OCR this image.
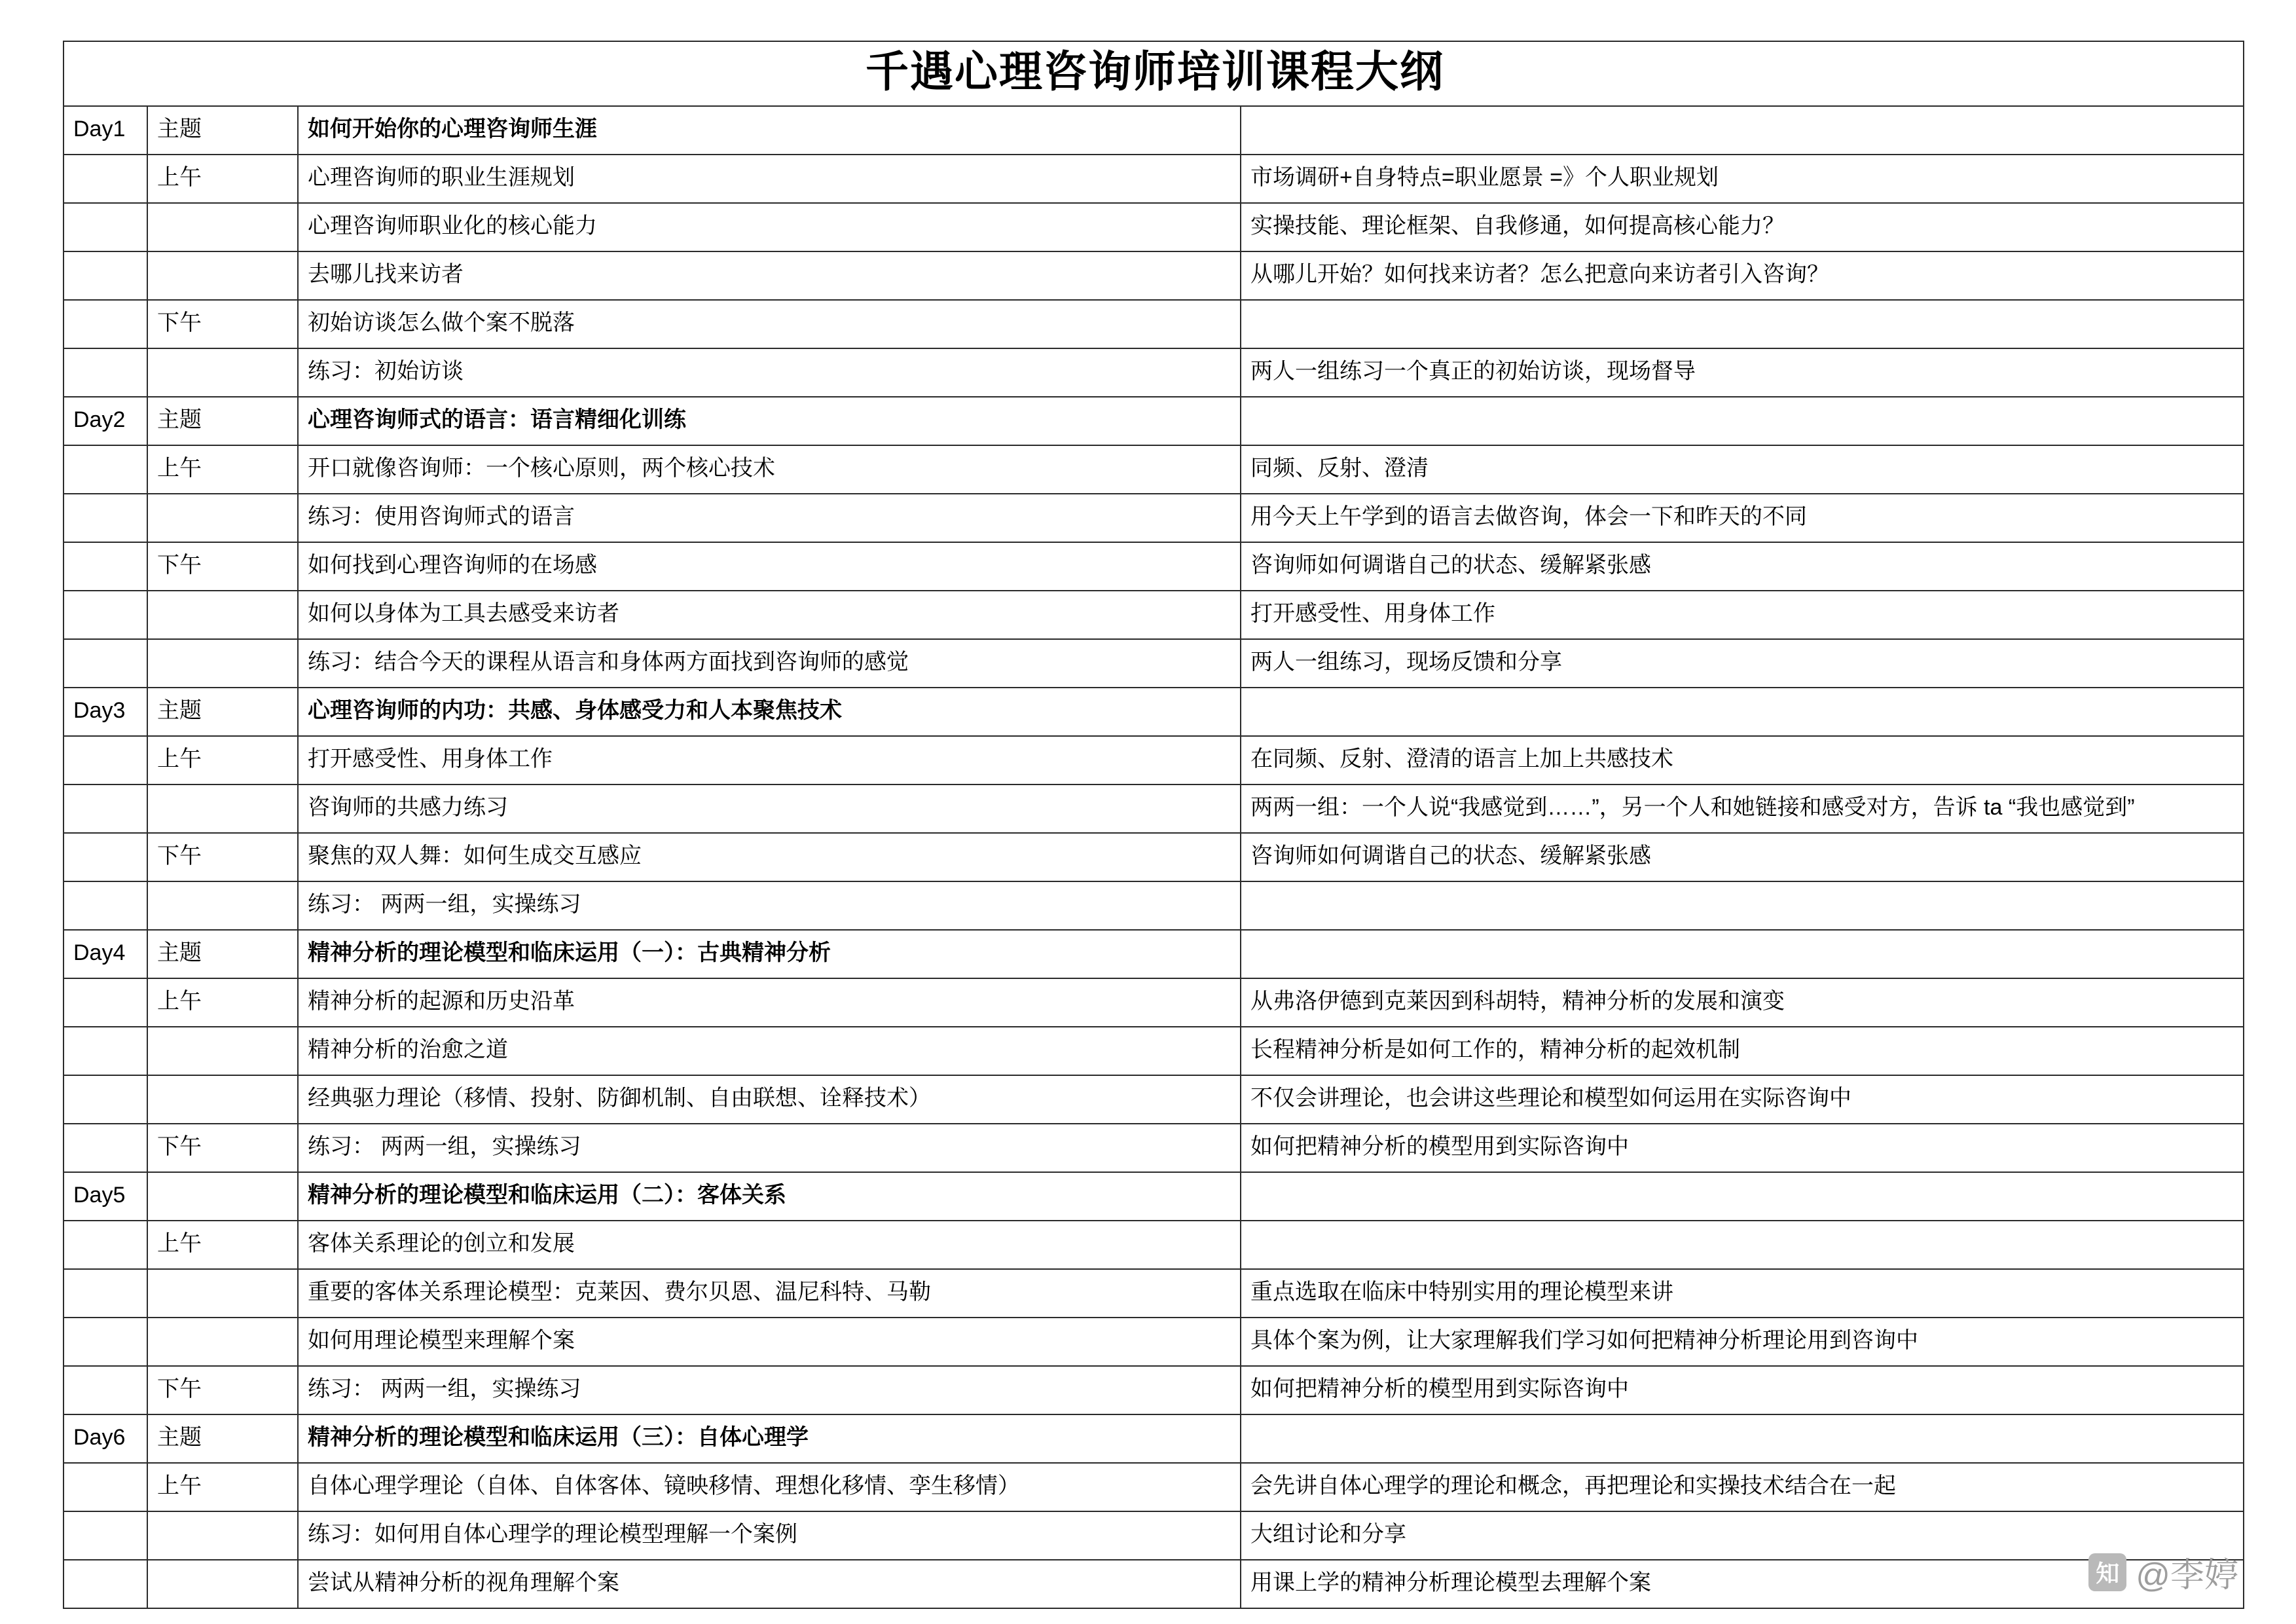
千遇心理咨询师培训课程大纲			
Day1	主题	如何开始你的心理咨询师生涯	
	上午	心理咨询师的职业生涯规划	市场调研+自身特点=职业愿景 =》个人职业规划
		心理咨询师职业化的核心能力	实操技能、理论框架、自我修通，如何提高核心能力？
		去哪儿找来访者	从哪儿开始？如何找来访者？怎么把意向来访者引入咨询？
	下午	初始访谈怎么做个案不脱落	
		练习：初始访谈	两人一组练习一个真正的初始访谈，现场督导
Day2	主题	心理咨询师式的语言：语言精细化训练	
	上午	开口就像咨询师：一个核心原则，两个核心技术	同频、反射、澄清
		练习：使用咨询师式的语言	用今天上午学到的语言去做咨询，体会一下和昨天的不同
	下午	如何找到心理咨询师的在场感	咨询师如何调谐自己的状态、缓解紧张感
		如何以身体为工具去感受来访者	打开感受性、用身体工作
		练习：结合今天的课程从语言和身体两方面找到咨询师的感觉	两人一组练习，现场反馈和分享
Day3	主题	心理咨询师的内功：共感、身体感受力和人本聚焦技术	
	上午	打开感受性、用身体工作	在同频、反射、澄清的语言上加上共感技术
		咨询师的共感力练习	两两一组：一个人说“我感觉到……”，另一个人和她链接和感受对方，告诉 ta “我也感觉到”
	下午	聚焦的双人舞：如何生成交互感应	咨询师如何调谐自己的状态、缓解紧张感
		练习： 两两一组，实操练习	
Day4	主题	精神分析的理论模型和临床运用（一）：古典精神分析	
	上午	精神分析的起源和历史沿革	从弗洛伊德到克莱因到科胡特，精神分析的发展和演变
		精神分析的治愈之道	长程精神分析是如何工作的，精神分析的起效机制
		经典驱力理论（移情、投射、防御机制、自由联想、诠释技术）	不仅会讲理论，也会讲这些理论和模型如何运用在实际咨询中
	下午	练习： 两两一组，实操练习	如何把精神分析的模型用到实际咨询中
Day5		精神分析的理论模型和临床运用（二）：客体关系	
	上午	客体关系理论的创立和发展	
		重要的客体关系理论模型：克莱因、费尔贝恩、温尼科特、马勒	重点选取在临床中特别实用的理论模型来讲
		如何用理论模型来理解个案	具体个案为例，让大家理解我们学习如何把精神分析理论用到咨询中
	下午	练习： 两两一组，实操练习	如何把精神分析的模型用到实际咨询中
Day6	主题	精神分析的理论模型和临床运用（三）：自体心理学	
	上午	自体心理学理论（自体、自体客体、镜映移情、理想化移情、孪生移情）	会先讲自体心理学的理论和概念，再把理论和实操技术结合在一起
		练习：如何用自体心理学的理论模型理解一个案例	大组讨论和分享
		尝试从精神分析的视角理解个案	用课上学的精神分析理论模型去理解个案	知 @李婷
